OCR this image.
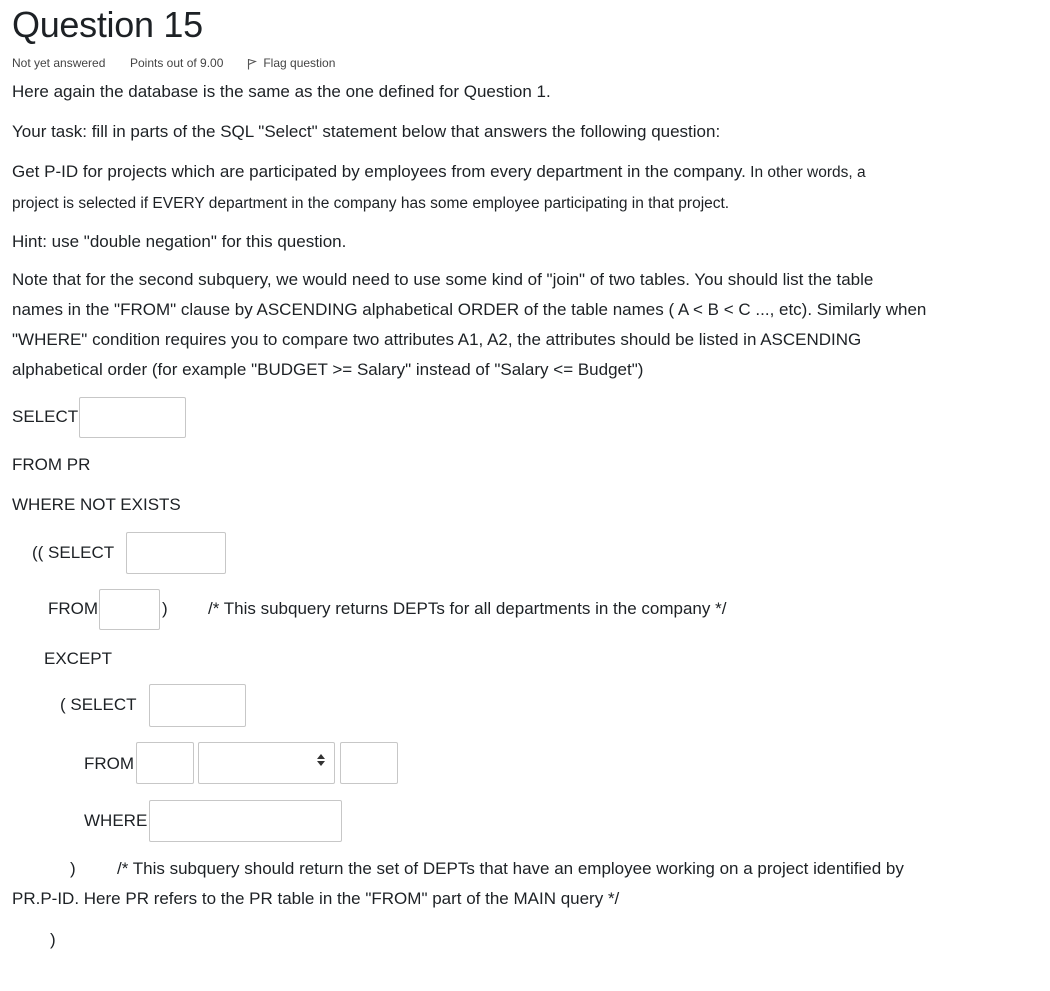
Question 15
Not yet answered Points out of 9.00	Flag question
Here again the database is the same as the one defined for Question 1.
Your task: fill in parts of the SQL "Select" statement below that answers the following question:
Get P-ID for projects which are participated by employees from every department in the company. In other words, a
project is selected if EVERY department in the company has some employee participating in that project.
Hint: use "double negation" for this question.
Note that for the second subquery, we would need to use some kind of "join" of two tables. You should list the table
names in the "FROM" clause by ASCENDING alphabetical ORDER of the table names ( A < B < C ..., etc). Similarly when
"WHERE" condition requires you to compare two attributes A1, A2, the attributes should be listed in ASCENDING
alphabetical order (for example "BUDGET >= Salary" instead of "Salary <= Budget")
SELECT
FROM PR
WHERE NOT EXISTS
(( SELECT
FROM	) /* This subquery returns DEPTs for all departments in the company */
EXCEPT
( SELECT
FROM
WHERE
) /* This subquery should return the set of DEPTs that have an employee working on a project identified by
PR.P-ID. Here PR refers to the PR table in the "FROM" part of the MAIN query */
)
